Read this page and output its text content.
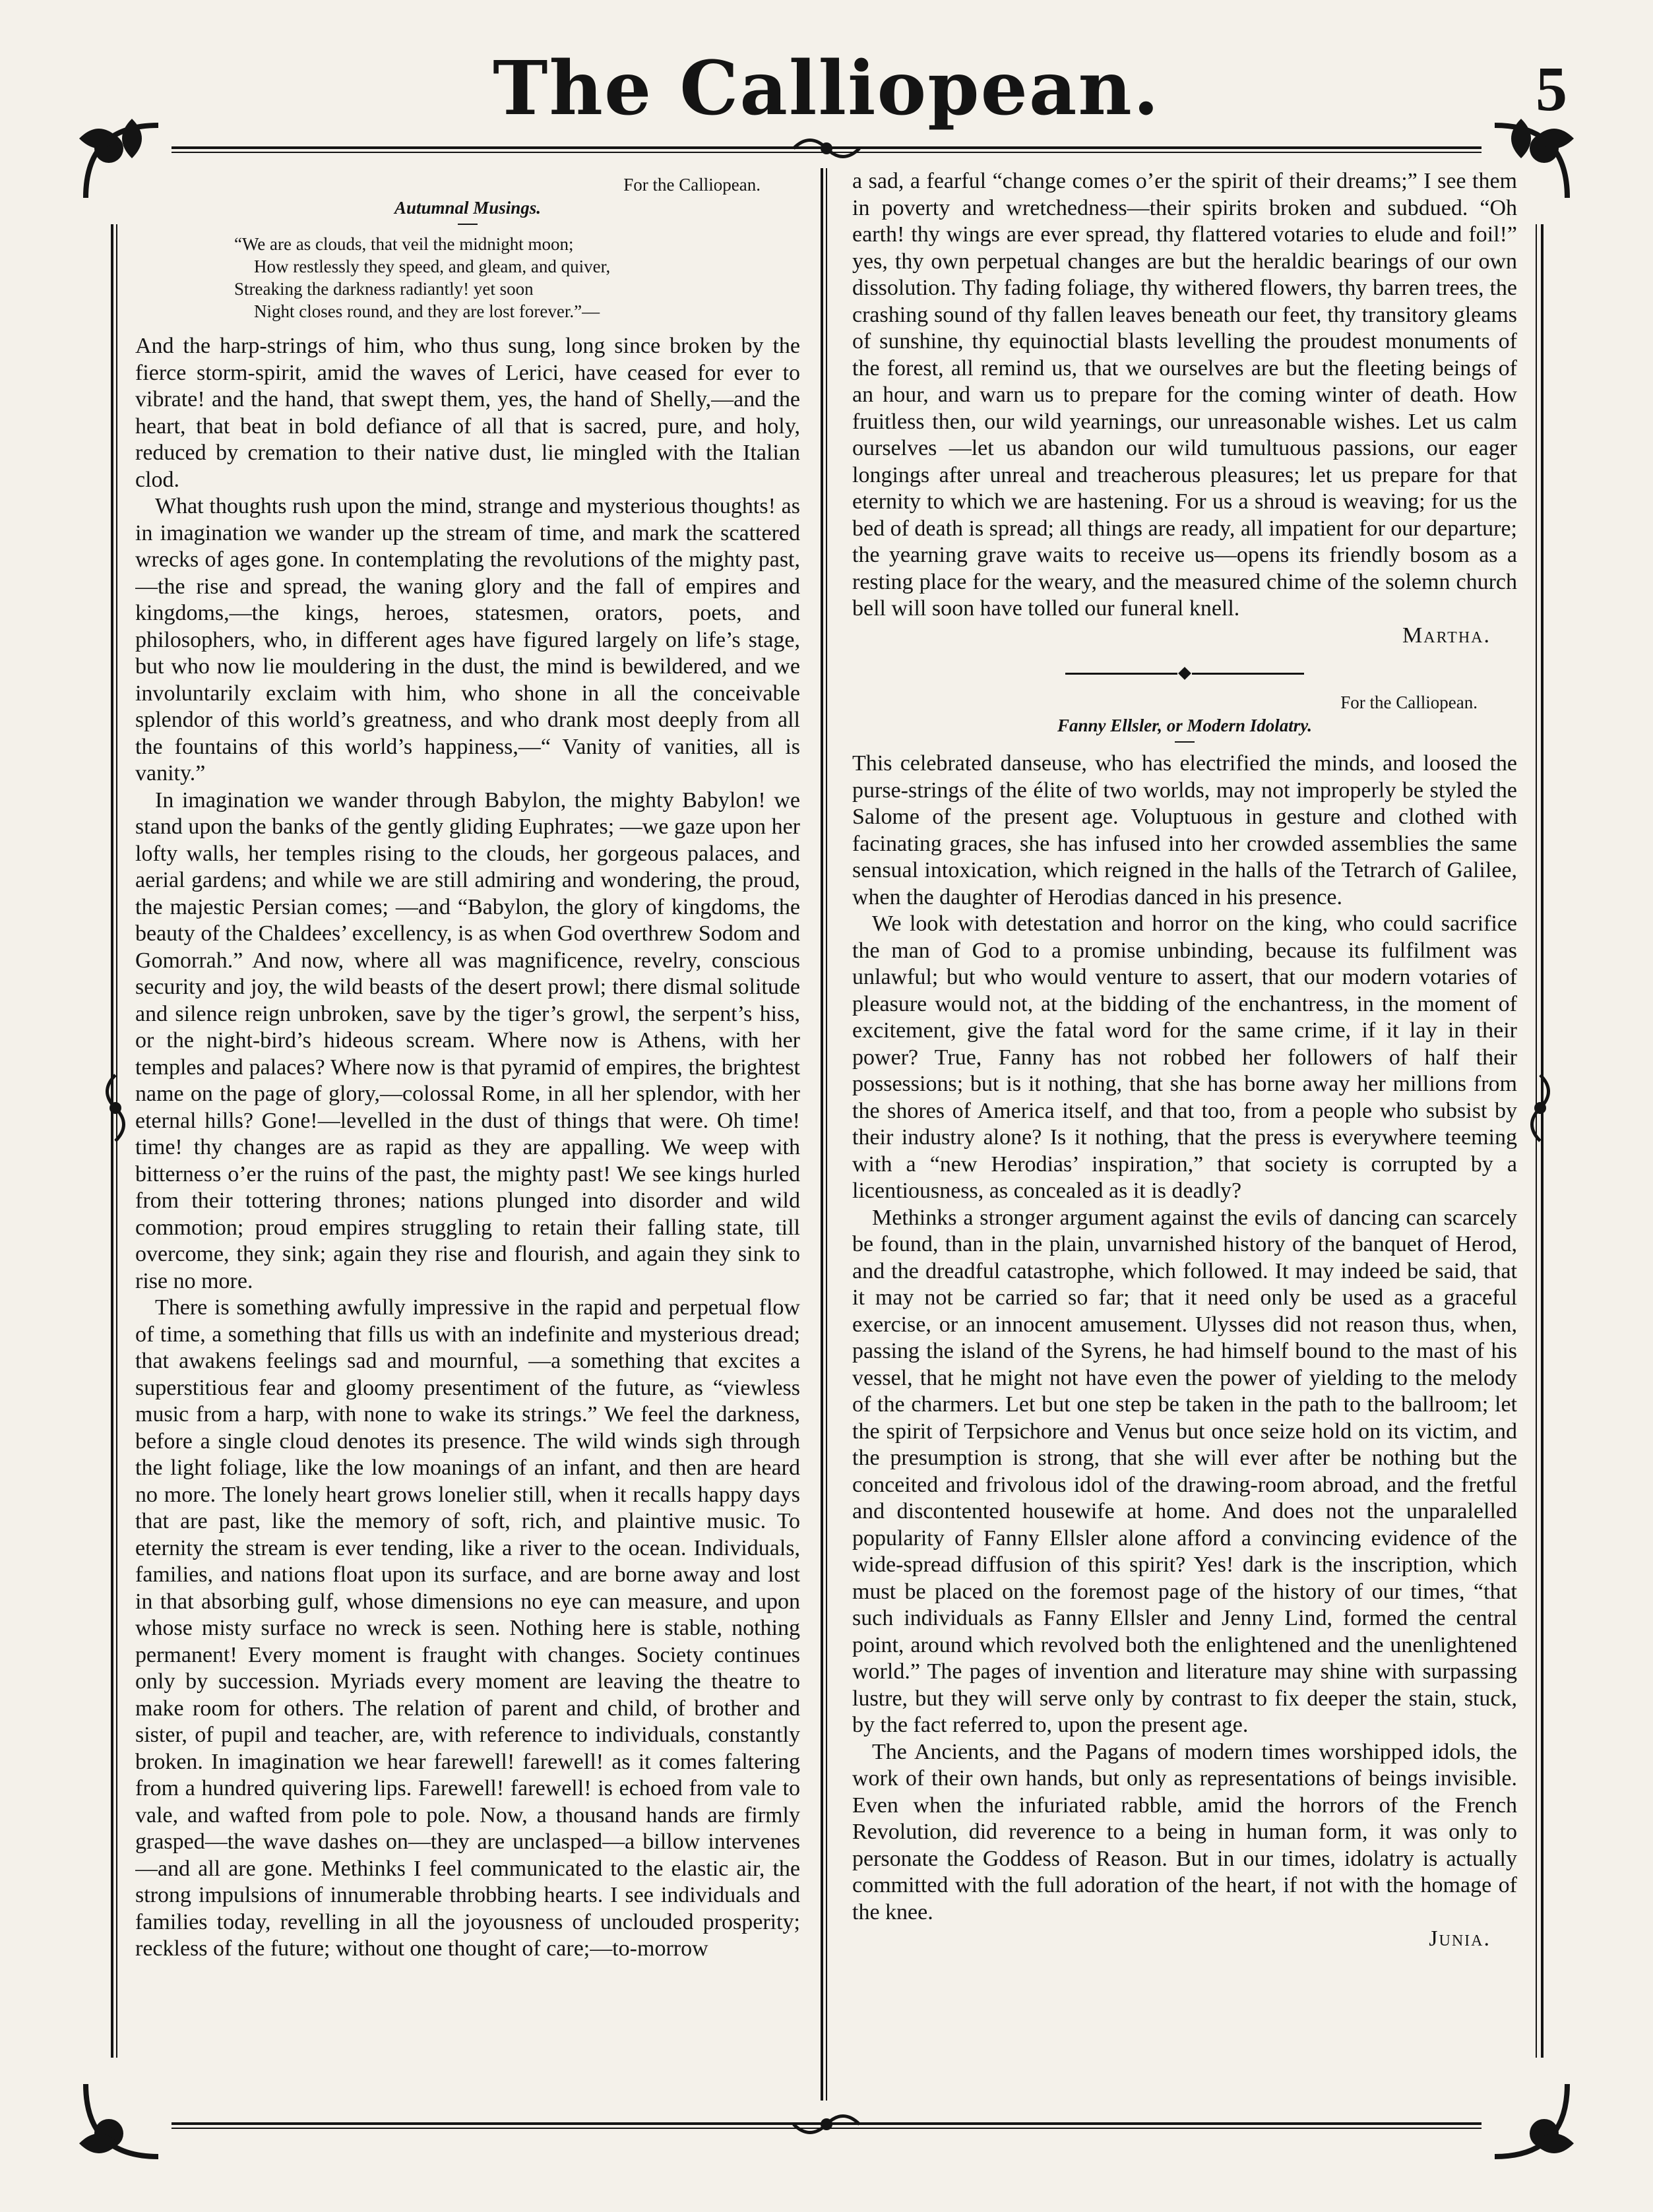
The Calliopean.	5
For the Calliopean.
Autumnal Musings.
“We are as clouds, that veil the midnight moon;
How restlessly they speed, and gleam, and quiver,
Streaking the darkness radiantly! yet soon
Night closes round, and they are lost forever.”—

And the harp-strings of him, who thus sung, long since broken by the fierce storm-spirit, amid the waves of Lerici, have ceased for ever to vibrate! and the hand, that swept them, yes, the hand of Shelly,—and the heart, that beat in bold defiance of all that is sacred, pure, and holy, reduced by cremation to their native dust, lie mingled with the Italian clod.

What thoughts rush upon the mind, strange and mysterious thoughts! as in imagination we wander up the stream of time, and mark the scattered wrecks of ages gone. In contemplating the revolutions of the mighty past,—the rise and spread, the waning glory and the fall of empires and kingdoms,—the kings, heroes, statesmen, orators, poets, and philosophers, who, in different ages have figured largely on life’s stage, but who now lie mouldering in the dust, the mind is bewildered, and we involuntarily exclaim with him, who shone in all the conceivable splendor of this world’s greatness, and who drank most deeply from all the fountains of this world’s happiness,—“ Vanity of vanities, all is vanity.”

In imagination we wander through Babylon, the mighty Babylon! we stand upon the banks of the gently gliding Euphrates; —we gaze upon her lofty walls, her temples rising to the clouds, her gorgeous palaces, and aerial gardens; and while we are still admiring and wondering, the proud, the majestic Persian comes; —and “Babylon, the glory of kingdoms, the beauty of the Chaldees’ excellency, is as when God overthrew Sodom and Gomorrah.” And now, where all was magnificence, revelry, conscious security and joy, the wild beasts of the desert prowl; there dismal solitude and silence reign unbroken, save by the tiger’s growl, the serpent’s hiss, or the night-bird’s hideous scream. Where now is Athens, with her temples and palaces? Where now is that pyramid of empires, the brightest name on the page of glory,—colossal Rome, in all her splendor, with her eternal hills? Gone!—levelled in the dust of things that were. Oh time! time! thy changes are as rapid as they are appalling. We weep with bitterness o’er the ruins of the past, the mighty past! We see kings hurled from their tottering thrones; nations plunged into disorder and wild commotion; proud empires struggling to retain their falling state, till overcome, they sink; again they rise and flourish, and again they sink to rise no more.

There is something awfully impressive in the rapid and perpetual flow of time, a something that fills us with an indefinite and mysterious dread; that awakens feelings sad and mournful, —a something that excites a superstitious fear and gloomy presentiment of the future, as “viewless music from a harp, with none to wake its strings.” We feel the darkness, before a single cloud denotes its presence. The wild winds sigh through the light foliage, like the low moanings of an infant, and then are heard no more. The lonely heart grows lonelier still, when it recalls happy days that are past, like the memory of soft, rich, and plaintive music. To eternity the stream is ever tending, like a river to the ocean. Individuals, families, and nations float upon its surface, and are borne away and lost in that absorbing gulf, whose dimensions no eye can measure, and upon whose misty surface no wreck is seen. Nothing here is stable, nothing permanent! Every moment is fraught with changes. Society continues only by succession. Myriads every moment are leaving the theatre to make room for others. The relation of parent and child, of brother and sister, of pupil and teacher, are, with reference to individuals, constantly broken. In imagination we hear farewell! farewell! as it comes faltering from a hundred quivering lips. Farewell! farewell! is echoed from vale to vale, and wafted from pole to pole. Now, a thousand hands are firmly grasped—the wave dashes on—they are unclasped—a billow intervenes—and all are gone. Methinks I feel communicated to the elastic air, the strong impulsions of innumerable throbbing hearts. I see individuals and families today, revelling in all the joyousness of unclouded prosperity; reckless of the future; without one thought of care;—to-morrow

a sad, a fearful “change comes o’er the spirit of their dreams;” I see them in poverty and wretchedness—their spirits broken and subdued. “Oh earth! thy wings are ever spread, thy flattered votaries to elude and foil!” yes, thy own perpetual changes are but the heraldic bearings of our own dissolution. Thy fading foliage, thy withered flowers, thy barren trees, the crashing sound of thy fallen leaves beneath our feet, thy transitory gleams of sunshine, thy equinoctial blasts levelling the proudest monuments of the forest, all remind us, that we ourselves are but the fleeting beings of an hour, and warn us to prepare for the coming winter of death. How fruitless then, our wild yearnings, our unreasonable wishes. Let us calm ourselves —let us abandon our wild tumultuous passions, our eager longings after unreal and treacherous pleasures; let us prepare for that eternity to which we are hastening. For us a shroud is weaving; for us the bed of death is spread; all things are ready, all impatient for our departure; the yearning grave waits to receive us—opens its friendly bosom as a resting place for the weary, and the measured chime of the solemn church bell will soon have tolled our funeral knell.

Martha.
For the Calliopean.
Fanny Ellsler, or Modern Idolatry.

This celebrated danseuse, who has electrified the minds, and loosed the purse-strings of the élite of two worlds, may not improperly be styled the Salome of the present age. Voluptuous in gesture and clothed with facinating graces, she has infused into her crowded assemblies the same sensual intoxication, which reigned in the halls of the Tetrarch of Galilee, when the daughter of Herodias danced in his presence.

We look with detestation and horror on the king, who could sacrifice the man of God to a promise unbinding, because its fulfilment was unlawful; but who would venture to assert, that our modern votaries of pleasure would not, at the bidding of the enchantress, in the moment of excitement, give the fatal word for the same crime, if it lay in their power? True, Fanny has not robbed her followers of half their possessions; but is it nothing, that she has borne away her millions from the shores of America itself, and that too, from a people who subsist by their industry alone? Is it nothing, that the press is everywhere teeming with a “new Herodias’ inspiration,” that society is corrupted by a licentiousness, as concealed as it is deadly?

Methinks a stronger argument against the evils of dancing can scarcely be found, than in the plain, unvarnished history of the banquet of Herod, and the dreadful catastrophe, which followed. It may indeed be said, that it may not be carried so far; that it need only be used as a graceful exercise, or an innocent amusement. Ulysses did not reason thus, when, passing the island of the Syrens, he had himself bound to the mast of his vessel, that he might not have even the power of yielding to the melody of the charmers. Let but one step be taken in the path to the ballroom; let the spirit of Terpsichore and Venus but once seize hold on its victim, and the presumption is strong, that she will ever after be nothing but the conceited and frivolous idol of the drawing-room abroad, and the fretful and discontented housewife at home. And does not the unparalelled popularity of Fanny Ellsler alone afford a convincing evidence of the wide-spread diffusion of this spirit? Yes! dark is the inscription, which must be placed on the foremost page of the history of our times, “that such individuals as Fanny Ellsler and Jenny Lind, formed the central point, around which revolved both the enlightened and the unenlightened world.” The pages of invention and literature may shine with surpassing lustre, but they will serve only by contrast to fix deeper the stain, stuck, by the fact referred to, upon the present age.

The Ancients, and the Pagans of modern times worshipped idols, the work of their own hands, but only as representations of beings invisible. Even when the infuriated rabble, amid the horrors of the French Revolution, did reverence to a being in human form, it was only to personate the Goddess of Reason. But in our times, idolatry is actually committed with the full adoration of the heart, if not with the homage of the knee.

Junia.
